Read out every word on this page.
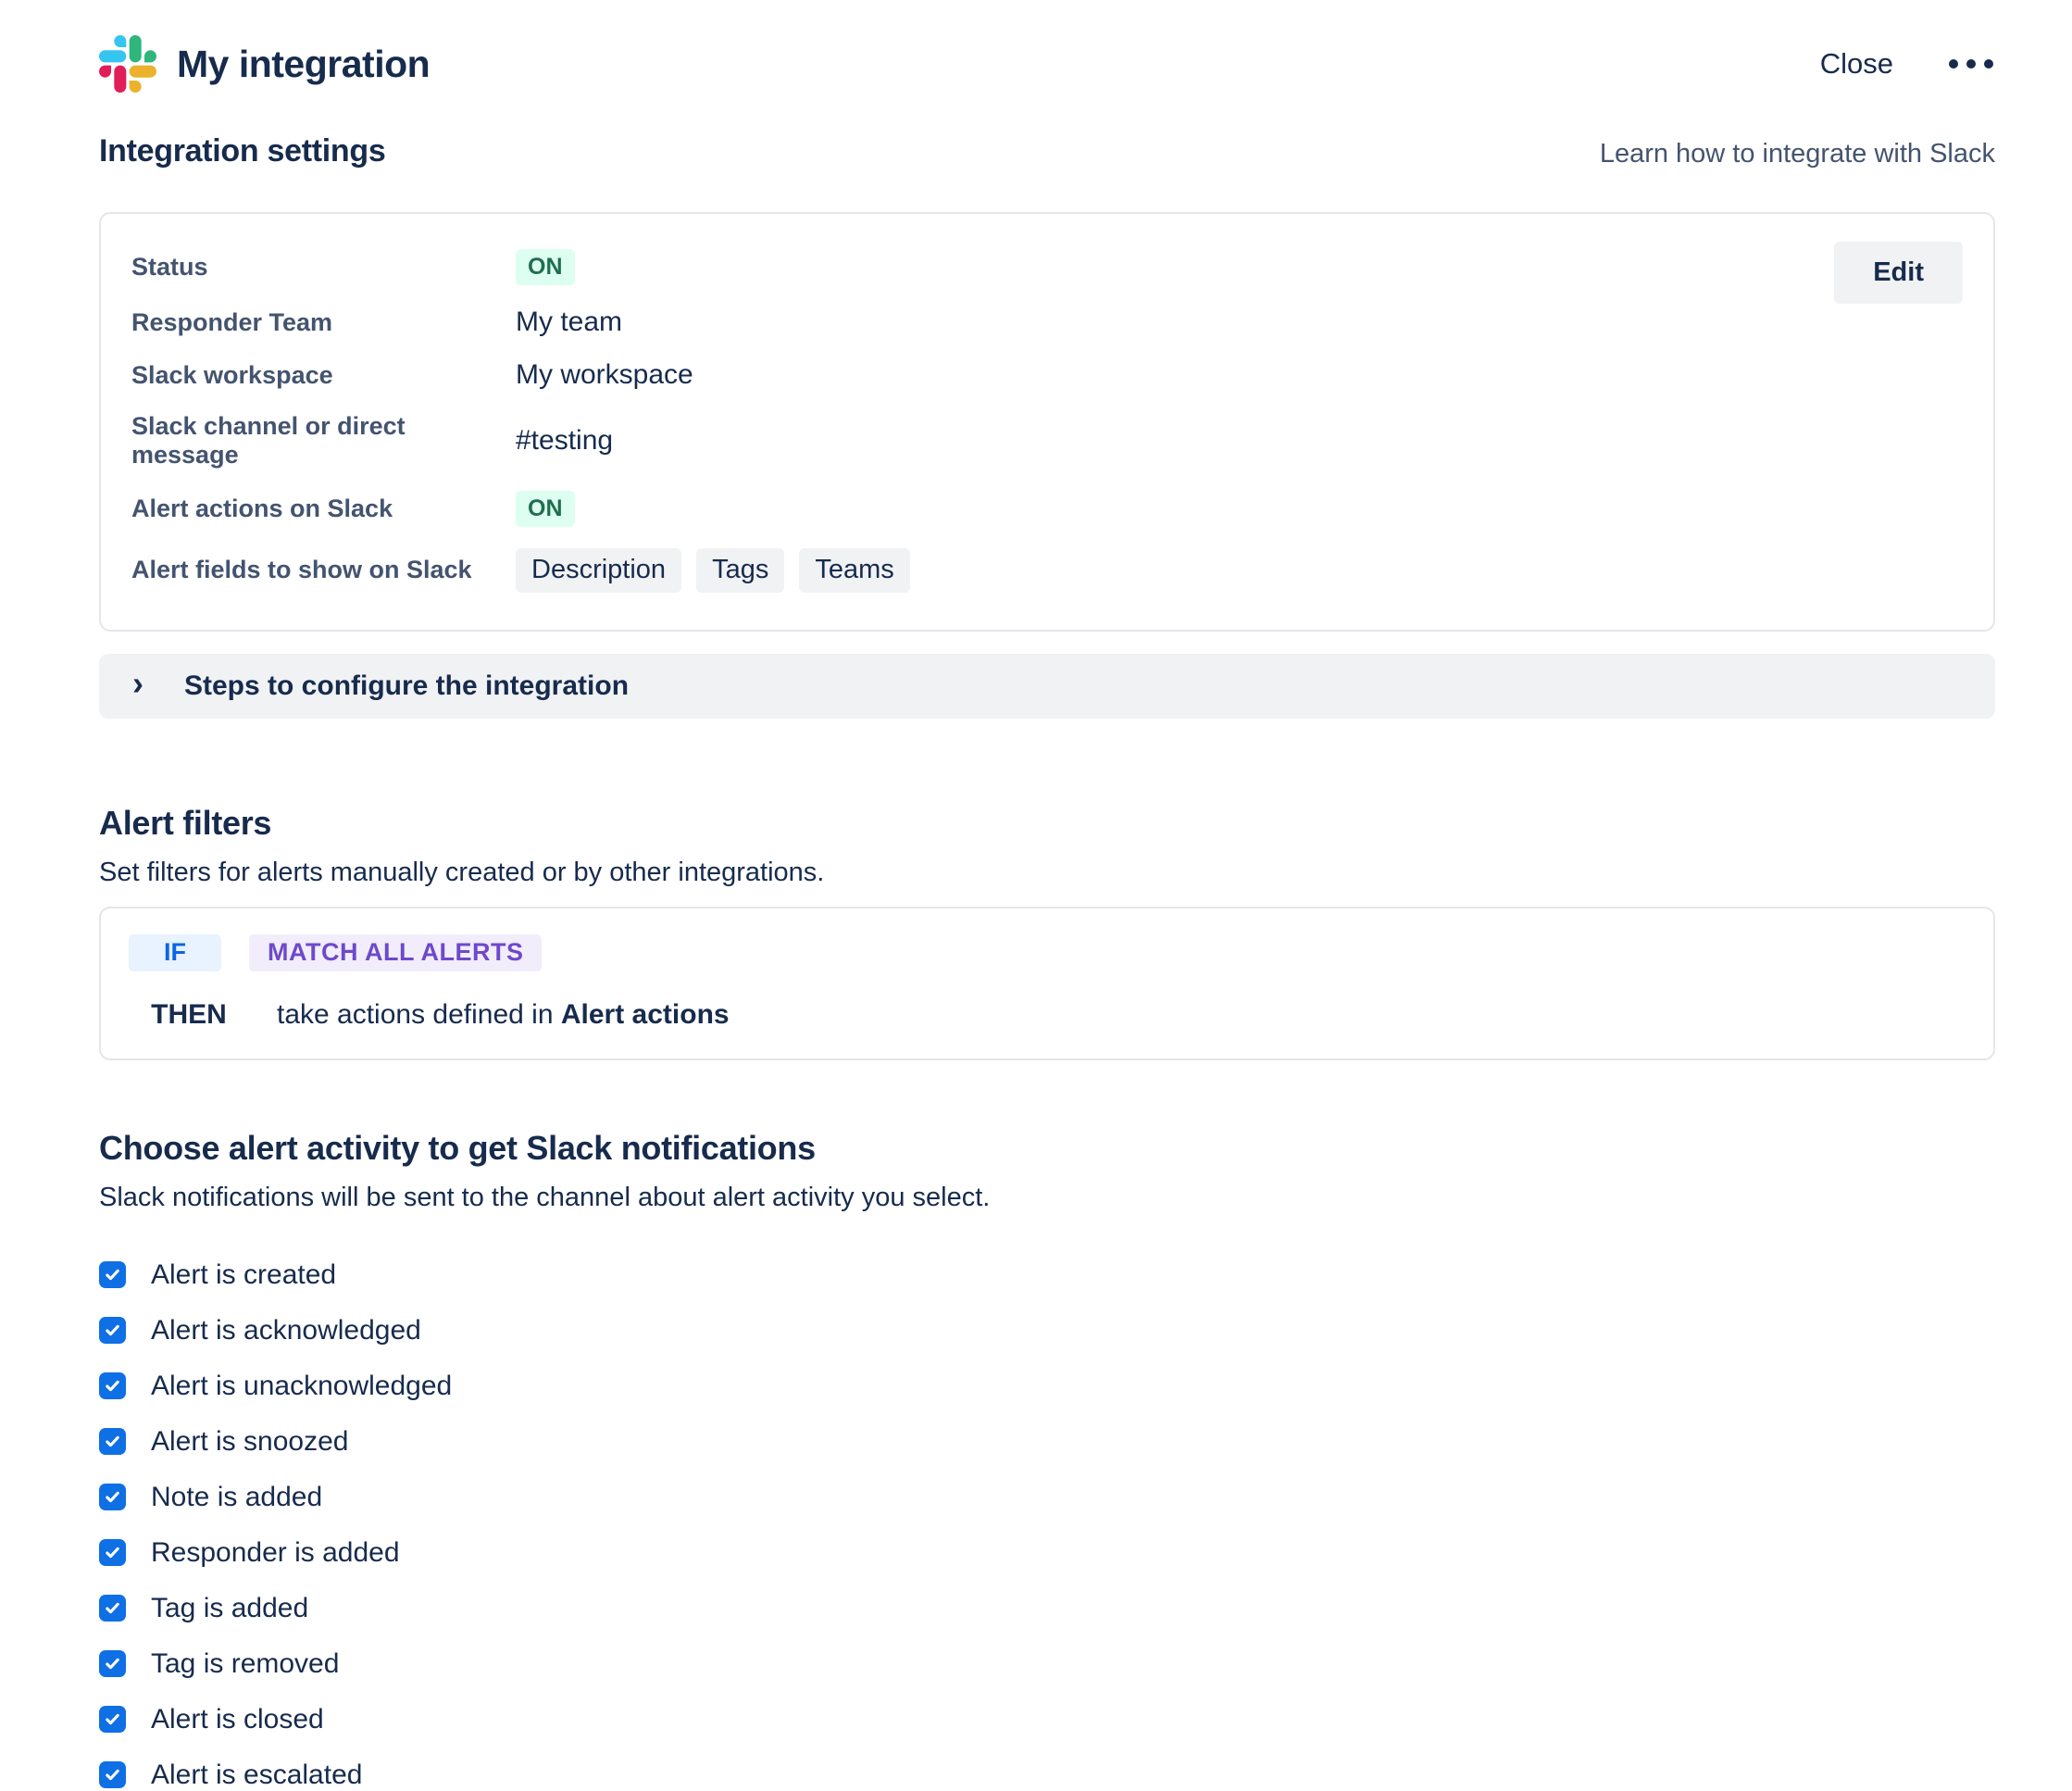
My integration	Close
Integration settings	Learn how to integrate with Slack
Status	ON
Responder Team	My team
Slack workspace	My workspace
Slack channel or direct message	#testing
Alert actions on Slack	ON
Alert fields to show on Slack	Description	Tags	Teams
Edit
› Steps to configure the integration
Alert filters

Set filters for alerts manually created or by other integrations.

IF	MATCH ALL ALERTS
THEN	take actions defined in Alert actions
Choose alert activity to get Slack notifications

Slack notifications will be sent to the channel about alert activity you select.

Alert is created
Alert is acknowledged
Alert is unacknowledged
Alert is snoozed
Note is added
Responder is added
Tag is added
Tag is removed
Alert is closed
Alert is escalated
